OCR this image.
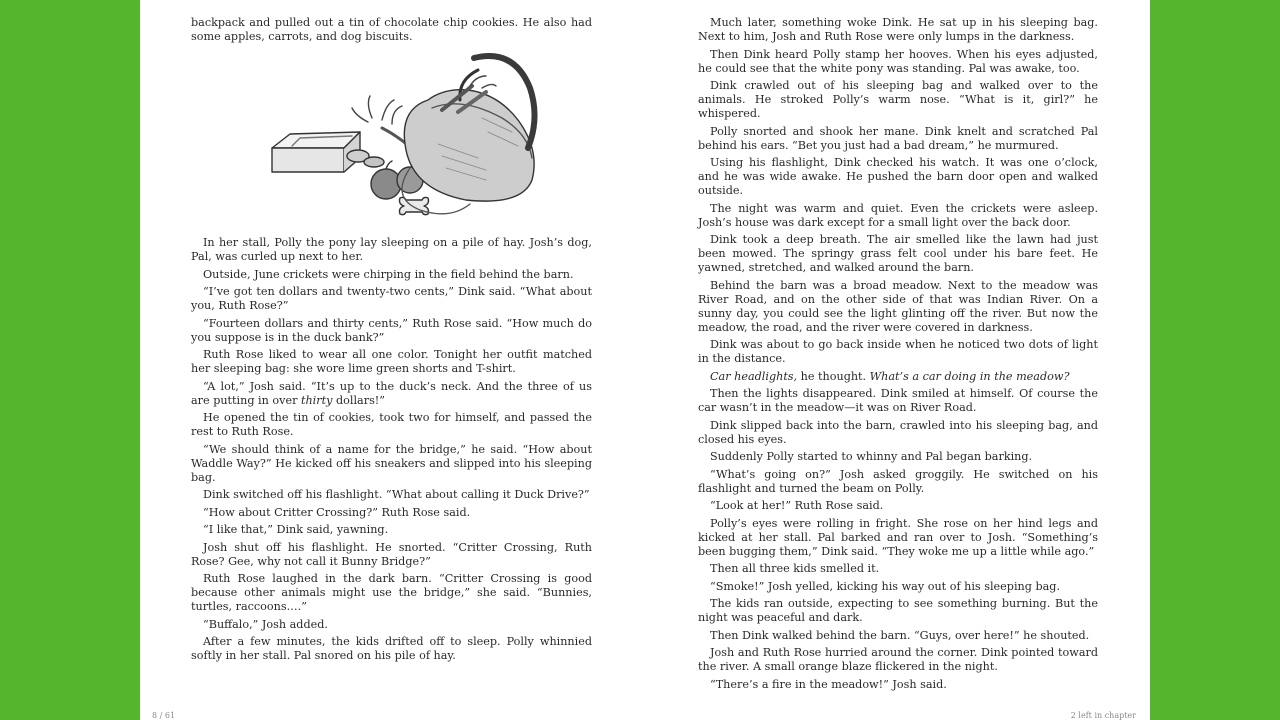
backpack and pulled out a tin of chocolate chip cookies. He also had some apples, carrots, and dog biscuits.

In her stall, Polly the pony lay sleeping on a pile of hay. Josh’s dog, Pal, was curled up next to her.

Outside, June crickets were chirping in the field behind the barn.

“I’ve got ten dollars and twenty-two cents,” Dink said. “What about you, Ruth Rose?”

“Fourteen dollars and thirty cents,” Ruth Rose said. “How much do you suppose is in the duck bank?”

Ruth Rose liked to wear all one color. Tonight her outfit matched her sleeping bag: she wore lime green shorts and T-shirt.

“A lot,” Josh said. “It’s up to the duck’s neck. And the three of us are putting in over thirty dollars!”

He opened the tin of cookies, took two for himself, and passed the rest to Ruth Rose.

“We should think of a name for the bridge,” he said. “How about Waddle Way?” He kicked off his sneakers and slipped into his sleeping bag.

Dink switched off his flashlight. “What about calling it Duck Drive?”

“How about Critter Crossing?” Ruth Rose said.

“I like that,” Dink said, yawning.

Josh shut off his flashlight. He snorted. “Critter Crossing, Ruth Rose? Gee, why not call it Bunny Bridge?”

Ruth Rose laughed in the dark barn. “Critter Crossing is good because other animals might use the bridge,” she said. “Bunnies, turtles, raccoons.…”

“Buffalo,” Josh added.

After a few minutes, the kids drifted off to sleep. Polly whinnied softly in her stall. Pal snored on his pile of hay.

Much later, something woke Dink. He sat up in his sleeping bag. Next to him, Josh and Ruth Rose were only lumps in the darkness.

Then Dink heard Polly stamp her hooves. When his eyes adjusted, he could see that the white pony was standing. Pal was awake, too.

Dink crawled out of his sleeping bag and walked over to the animals. He stroked Polly’s warm nose. “What is it, girl?” he whispered.

Polly snorted and shook her mane. Dink knelt and scratched Pal behind his ears. “Bet you just had a bad dream,” he murmured.

Using his flashlight, Dink checked his watch. It was one o’clock, and he was wide awake. He pushed the barn door open and walked outside.

The night was warm and quiet. Even the crickets were asleep. Josh’s house was dark except for a small light over the back door.

Dink took a deep breath. The air smelled like the lawn had just been mowed. The springy grass felt cool under his bare feet. He yawned, stretched, and walked around the barn.

Behind the barn was a broad meadow. Next to the meadow was River Road, and on the other side of that was Indian River. On a sunny day, you could see the light glinting off the river. But now the meadow, the road, and the river were covered in darkness.

Dink was about to go back inside when he noticed two dots of light in the distance.

Car headlights, he thought. What’s a car doing in the meadow?

Then the lights disappeared. Dink smiled at himself. Of course the car wasn’t in the meadow—it was on River Road.

Dink slipped back into the barn, crawled into his sleeping bag, and closed his eyes.

Suddenly Polly started to whinny and Pal began barking.

“What’s going on?” Josh asked groggily. He switched on his flashlight and turned the beam on Polly.

“Look at her!” Ruth Rose said.

Polly’s eyes were rolling in fright. She rose on her hind legs and kicked at her stall. Pal barked and ran over to Josh. “Something’s been bugging them,” Dink said. “They woke me up a little while ago.”

Then all three kids smelled it.

“Smoke!” Josh yelled, kicking his way out of his sleeping bag.

The kids ran outside, expecting to see something burning. But the night was peaceful and dark.

Then Dink walked behind the barn. “Guys, over here!” he shouted.

Josh and Ruth Rose hurried around the corner. Dink pointed toward the river. A small orange blaze flickered in the night.

“There’s a fire in the meadow!” Josh said.

8 / 61	2 left in chapter
